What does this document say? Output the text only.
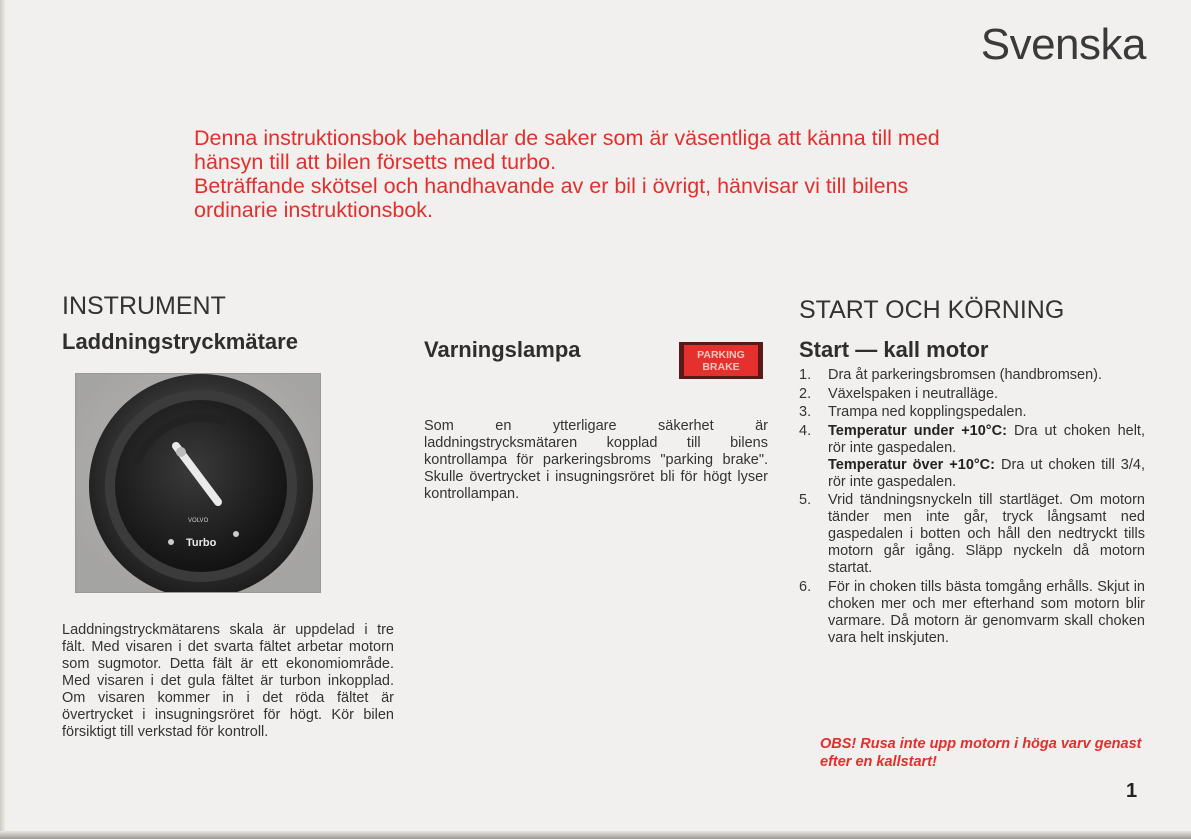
Svenska

Denna instruktionsbok behandlar de saker som är väsentliga att känna till med hänsyn till att bilen försetts med turbo.

Beträffande skötsel och handhavande av er bil i övrigt, hänvisar vi till bilens ordinarie instruktionsbok.

INSTRUMENT
Laddningstryckmätare
VOLVO
Turbo

Laddningstryckmätarens skala är uppdelad i tre fält. Med visaren i det svarta fältet arbetar motorn som sugmotor. Detta fält är ett ekonomiområde. Med visaren i det gula fältet är turbon inkopplad. Om visaren kommer in i det röda fältet är övertrycket i insugningsröret för högt. Kör bilen försiktigt till verkstad för kontroll.

Varningslampa	PARKING
BRAKE

Som en ytterligare säkerhet är laddningstrycksmätaren kopplad till bilens kontrollampa för parkeringsbroms "parking brake". Skulle övertrycket i insugningsröret bli för högt lyser kontrollampan.

START OCH KÖRNING
Start — kall motor
1. Dra åt parkeringsbromsen (handbromsen).
2. Växelspaken i neutralläge.
3. Trampa ned kopplingspedalen.
4. Temperatur under +10°C: Dra ut choken helt, rör inte gaspedalen.
Temperatur över +10°C: Dra ut choken till 3/4, rör inte gaspedalen.
5. Vrid tändningsnyckeln till startläget. Om motorn tänder men inte går, tryck långsamt ned gaspedalen i botten och håll den nedtryckt tills motorn går igång. Släpp nyckeln då motorn startat.
6. För in choken tills bästa tomgång erhålls. Skjut in choken mer och mer efterhand som motorn blir varmare. Då motorn är genomvarm skall choken vara helt inskjuten.
OBS! Rusa inte upp motorn i höga varv genast efter en kallstart!
1
